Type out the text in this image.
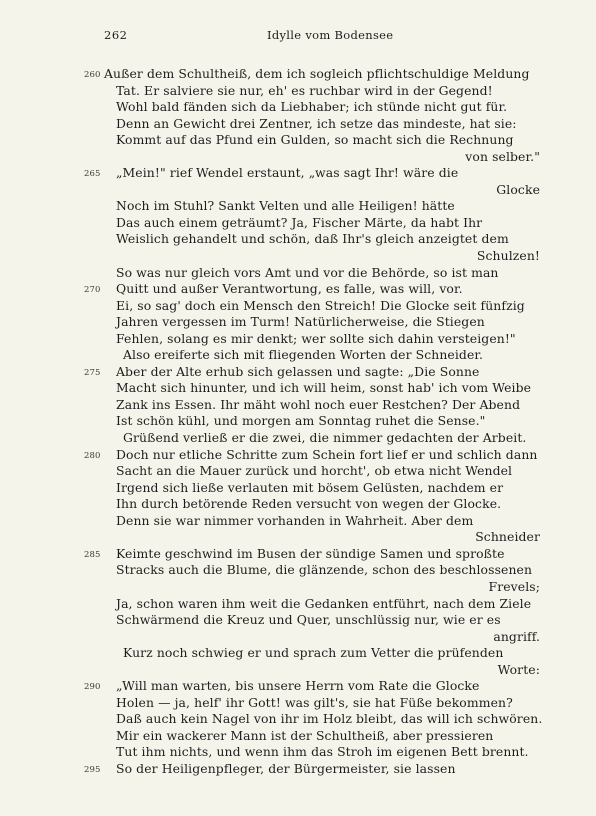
262	Idylle vom Bodensee
260 Außer dem Schultheiß, dem ich sogleich pflichtschuldige Meldung
Tat. Er salviere sie nur, eh' es ruchbar wird in der Gegend!
Wohl bald fänden sich da Liebhaber; ich stünde nicht gut für.
Denn an Gewicht drei Zentner, ich setze das mindeste, hat sie:
Kommt auf das Pfund ein Gulden, so macht sich die Rechnung
von selber."
265	„Mein!" rief Wendel erstaunt, „was sagt Ihr! wäre die
Glocke
Noch im Stuhl? Sankt Velten und alle Heiligen! hätte
Das auch einem geträumt? Ja, Fischer Märte, da habt Ihr
Weislich gehandelt und schön, daß Ihr's gleich anzeigtet dem
Schulzen!
So was nur gleich vors Amt und vor die Behörde, so ist man
270	Quitt und außer Verantwortung, es falle, was will, vor.
Ei, so sag' doch ein Mensch den Streich! Die Glocke seit fünfzig
Jahren vergessen im Turm! Natürlicherweise, die Stiegen
Fehlen, solang es mir denkt; wer sollte sich dahin versteigen!"
Also ereiferte sich mit fliegenden Worten der Schneider.
275	Aber der Alte erhub sich gelassen und sagte: „Die Sonne
Macht sich hinunter, und ich will heim, sonst hab' ich vom Weibe
Zank ins Essen. Ihr mäht wohl noch euer Restchen? Der Abend
Ist schön kühl, und morgen am Sonntag ruhet die Sense."
Grüßend verließ er die zwei, die nimmer gedachten der Arbeit.
280	Doch nur etliche Schritte zum Schein fort lief er und schlich dann
Sacht an die Mauer zurück und horcht', ob etwa nicht Wendel
Irgend sich ließe verlauten mit bösem Gelüsten, nachdem er
Ihn durch betörende Reden versucht von wegen der Glocke.
Denn sie war nimmer vorhanden in Wahrheit. Aber dem
Schneider
285	Keimte geschwind im Busen der sündige Samen und sproßte
Stracks auch die Blume, die glänzende, schon des beschlossenen
Frevels;
Ja, schon waren ihm weit die Gedanken entführt, nach dem Ziele
Schwärmend die Kreuz und Quer, unschlüssig nur, wie er es
angriff.
Kurz noch schwieg er und sprach zum Vetter die prüfenden
Worte:
290	„Will man warten, bis unsere Herrn vom Rate die Glocke
Holen — ja, helf' ihr Gott! was gilt's, sie hat Füße bekommen?
Daß auch kein Nagel von ihr im Holz bleibt, das will ich schwören.
Mir ein wackerer Mann ist der Schultheiß, aber pressieren
Tut ihm nichts, und wenn ihm das Stroh im eigenen Bett brennt.
295	So der Heiligenpfleger, der Bürgermeister, sie lassen
